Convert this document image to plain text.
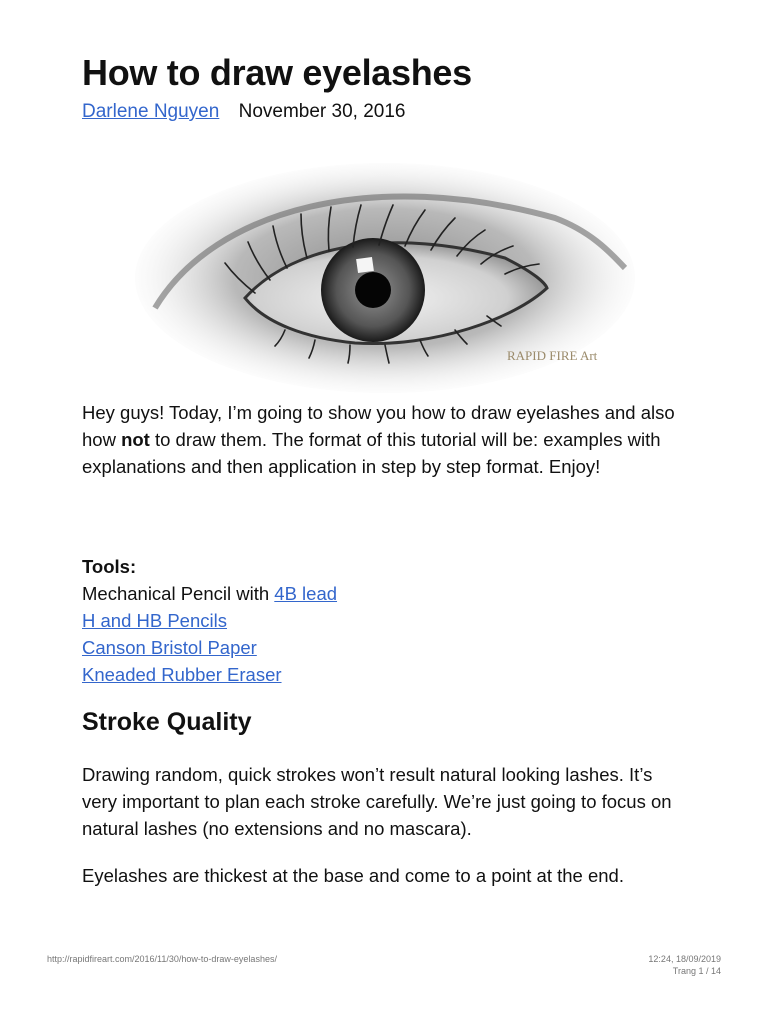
How to draw eyelashes
Darlene Nguyen November 30, 2016
RAPID FIRE Art

Hey guys! Today, I’m going to show you how to draw eyelashes and also how not to draw them. The format of this tutorial will be: examples with explanations and then application in step by step format. Enjoy!

Tools:

Mechanical Pencil with 4B lead

H and HB Pencils

Canson Bristol Paper

Kneaded Rubber Eraser

Stroke Quality

Drawing random, quick strokes won’t result natural looking lashes. It’s very important to plan each stroke carefully. We’re just going to focus on natural lashes (no extensions and no mascara).

Eyelashes are thickest at the base and come to a point at the end.

http://rapidfireart.com/2016/11/30/how-to-draw-eyelashes/	12:24, 18/09/2019
Trang 1 / 14
